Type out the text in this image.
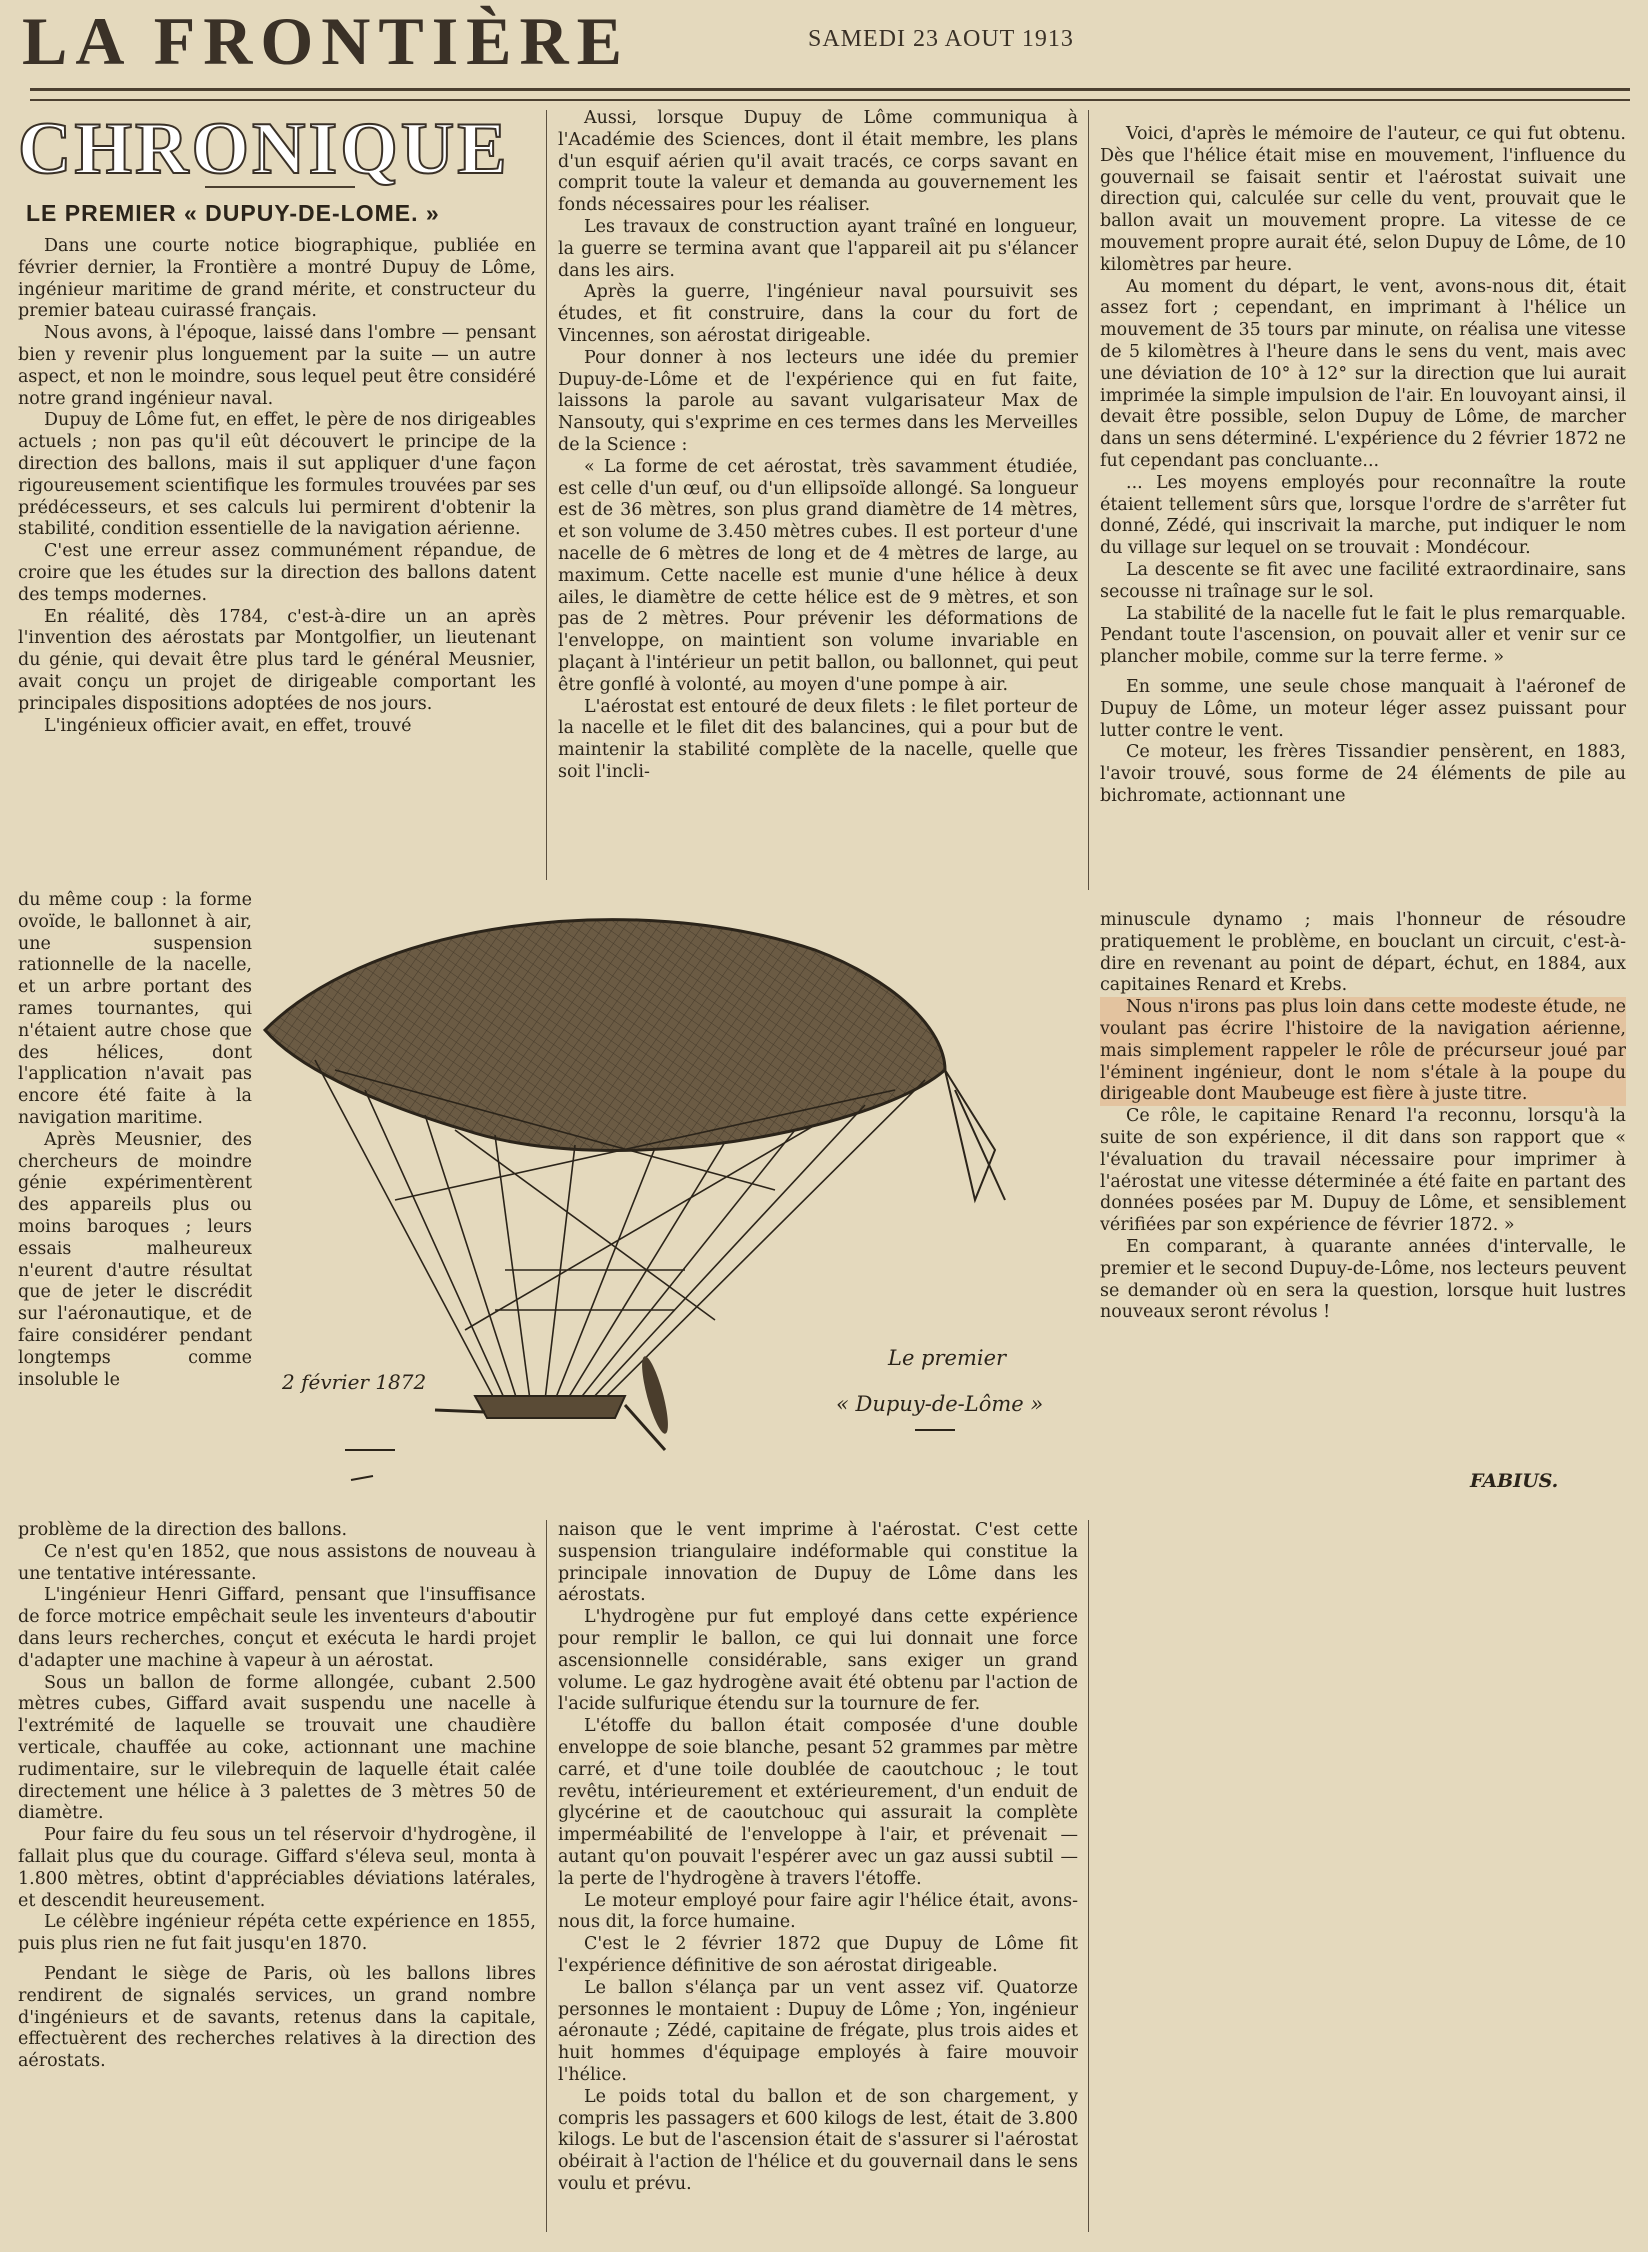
LA FRONTIÈRE	SAMEDI 23 AOUT 1913
CHRONIQUE
LE PREMIER « DUPUY-DE-LOME. »

Dans une courte notice biographique, publiée en février dernier, la Frontière a montré Dupuy de Lôme, ingénieur maritime de grand mérite, et constructeur du premier bateau cuirassé français.

Nous avons, à l'époque, laissé dans l'ombre — pensant bien y revenir plus longuement par la suite — un autre aspect, et non le moindre, sous lequel peut être considéré notre grand ingénieur naval.

Dupuy de Lôme fut, en effet, le père de nos dirigeables actuels ; non pas qu'il eût découvert le principe de la direction des ballons, mais il sut appliquer d'une façon rigoureusement scientifique les formules trouvées par ses prédécesseurs, et ses calculs lui permirent d'obtenir la stabilité, condition essentielle de la navigation aérienne.

C'est une erreur assez communément répandue, de croire que les études sur la direction des ballons datent des temps modernes.

En réalité, dès 1784, c'est-à-dire un an après l'invention des aérostats par Montgolfier, un lieutenant du génie, qui devait être plus tard le général Meusnier, avait conçu un projet de dirigeable comportant les principales dispositions adoptées de nos jours.

L'ingénieux officier avait, en effet, trouvé

du même coup : la forme ovoïde, le ballonnet à air, une suspension rationnelle de la nacelle, et un arbre portant des rames tournantes, qui n'étaient autre chose que des hélices, dont l'application n'avait pas encore été faite à la navigation maritime.

Après Meusnier, des chercheurs de moindre génie expérimentèrent des appareils plus ou moins baroques ; leurs essais malheureux n'eurent d'autre résultat que de jeter le discrédit sur l'aéronautique, et de faire considérer pendant longtemps comme insoluble le

problème de la direction des ballons.

Ce n'est qu'en 1852, que nous assistons de nouveau à une tentative intéressante.

L'ingénieur Henri Giffard, pensant que l'insuffisance de force motrice empêchait seule les inventeurs d'aboutir dans leurs recherches, conçut et exécuta le hardi projet d'adapter une machine à vapeur à un aérostat.

Sous un ballon de forme allongée, cubant 2.500 mètres cubes, Giffard avait suspendu une nacelle à l'extrémité de laquelle se trouvait une chaudière verticale, chauffée au coke, actionnant une machine rudimentaire, sur le vilebrequin de laquelle était calée directement une hélice à 3 palettes de 3 mètres 50 de diamètre.

Pour faire du feu sous un tel réservoir d'hydrogène, il fallait plus que du courage. Giffard s'éleva seul, monta à 1.800 mètres, obtint d'appréciables déviations latérales, et descendit heureusement.

Le célèbre ingénieur répéta cette expérience en 1855, puis plus rien ne fut fait jusqu'en 1870.

Pendant le siège de Paris, où les ballons libres rendirent de signalés services, un grand nombre d'ingénieurs et de savants, retenus dans la capitale, effectuèrent des recherches relatives à la direction des aérostats.

Aussi, lorsque Dupuy de Lôme communiqua à l'Académie des Sciences, dont il était membre, les plans d'un esquif aérien qu'il avait tracés, ce corps savant en comprit toute la valeur et demanda au gouvernement les fonds nécessaires pour les réaliser.

Les travaux de construction ayant traîné en longueur, la guerre se termina avant que l'appareil ait pu s'élancer dans les airs.

Après la guerre, l'ingénieur naval poursuivit ses études, et fit construire, dans la cour du fort de Vincennes, son aérostat dirigeable.

Pour donner à nos lecteurs une idée du premier Dupuy-de-Lôme et de l'expérience qui en fut faite, laissons la parole au savant vulgarisateur Max de Nansouty, qui s'exprime en ces termes dans les Merveilles de la Science :

« La forme de cet aérostat, très savamment étudiée, est celle d'un œuf, ou d'un ellipsoïde allongé. Sa longueur est de 36 mètres, son plus grand diamètre de 14 mètres, et son volume de 3.450 mètres cubes. Il est porteur d'une nacelle de 6 mètres de long et de 4 mètres de large, au maximum. Cette nacelle est munie d'une hélice à deux ailes, le diamètre de cette hélice est de 9 mètres, et son pas de 2 mètres. Pour prévenir les déformations de l'enveloppe, on maintient son volume invariable en plaçant à l'intérieur un petit ballon, ou ballonnet, qui peut être gonflé à volonté, au moyen d'une pompe à air.

L'aérostat est entouré de deux filets : le filet porteur de la nacelle et le filet dit des balancines, qui a pour but de maintenir la stabilité complète de la nacelle, quelle que soit l'incli-

naison que le vent imprime à l'aérostat. C'est cette suspension triangulaire indéformable qui constitue la principale innovation de Dupuy de Lôme dans les aérostats.

L'hydrogène pur fut employé dans cette expérience pour remplir le ballon, ce qui lui donnait une force ascensionnelle considérable, sans exiger un grand volume. Le gaz hydrogène avait été obtenu par l'action de l'acide sulfurique étendu sur la tournure de fer.

L'étoffe du ballon était composée d'une double enveloppe de soie blanche, pesant 52 grammes par mètre carré, et d'une toile doublée de caoutchouc ; le tout revêtu, intérieurement et extérieurement, d'un enduit de glycérine et de caoutchouc qui assurait la complète imperméabilité de l'enveloppe à l'air, et prévenait — autant qu'on pouvait l'espérer avec un gaz aussi subtil — la perte de l'hydrogène à travers l'étoffe.

Le moteur employé pour faire agir l'hélice était, avons-nous dit, la force humaine.

C'est le 2 février 1872 que Dupuy de Lôme fit l'expérience définitive de son aérostat dirigeable.

Le ballon s'élança par un vent assez vif. Quatorze personnes le montaient : Dupuy de Lôme ; Yon, ingénieur aéronaute ; Zédé, capitaine de frégate, plus trois aides et huit hommes d'équipage employés à faire mouvoir l'hélice.

Le poids total du ballon et de son chargement, y compris les passagers et 600 kilogs de lest, était de 3.800 kilogs. Le but de l'ascension était de s'assurer si l'aérostat obéirait à l'action de l'hélice et du gouvernail dans le sens voulu et prévu.

Voici, d'après le mémoire de l'auteur, ce qui fut obtenu. Dès que l'hélice était mise en mouvement, l'influence du gouvernail se faisait sentir et l'aérostat suivait une direction qui, calculée sur celle du vent, prouvait que le ballon avait un mouvement propre. La vitesse de ce mouvement propre aurait été, selon Dupuy de Lôme, de 10 kilomètres par heure.

Au moment du départ, le vent, avons-nous dit, était assez fort ; cependant, en imprimant à l'hélice un mouvement de 35 tours par minute, on réalisa une vitesse de 5 kilomètres à l'heure dans le sens du vent, mais avec une déviation de 10° à 12° sur la direction que lui aurait imprimée la simple impulsion de l'air. En louvoyant ainsi, il devait être possible, selon Dupuy de Lôme, de marcher dans un sens déterminé. L'expérience du 2 février 1872 ne fut cependant pas concluante...

... Les moyens employés pour reconnaître la route étaient tellement sûrs que, lorsque l'ordre de s'arrêter fut donné, Zédé, qui inscrivait la marche, put indiquer le nom du village sur lequel on se trouvait : Mondécour.

La descente se fit avec une facilité extraordinaire, sans secousse ni traînage sur le sol.

La stabilité de la nacelle fut le fait le plus remarquable. Pendant toute l'ascension, on pouvait aller et venir sur ce plancher mobile, comme sur la terre ferme. »

En somme, une seule chose manquait à l'aéronef de Dupuy de Lôme, un moteur léger assez puissant pour lutter contre le vent.

Ce moteur, les frères Tissandier pensèrent, en 1883, l'avoir trouvé, sous forme de 24 éléments de pile au bichromate, actionnant une

minuscule dynamo ; mais l'honneur de résoudre pratiquement le problème, en bouclant un circuit, c'est-à-dire en revenant au point de départ, échut, en 1884, aux capitaines Renard et Krebs.

Nous n'irons pas plus loin dans cette modeste étude, ne voulant pas écrire l'histoire de la navigation aérienne, mais simplement rappeler le rôle de précurseur joué par l'éminent ingénieur, dont le nom s'étale à la poupe du dirigeable dont Maubeuge est fière à juste titre.

Ce rôle, le capitaine Renard l'a reconnu, lorsqu'à la suite de son expérience, il dit dans son rapport que « l'évaluation du travail nécessaire pour imprimer à l'aérostat une vitesse déterminée a été faite en partant des données posées par M. Dupuy de Lôme, et sensiblement vérifiées par son expérience de février 1872. »

En comparant, à quarante années d'intervalle, le premier et le second Dupuy-de-Lôme, nos lecteurs peuvent se demander où en sera la question, lorsque huit lustres nouveaux seront révolus !

FABIUS.
2 février 1872
Le premier
« Dupuy-de-Lôme »
